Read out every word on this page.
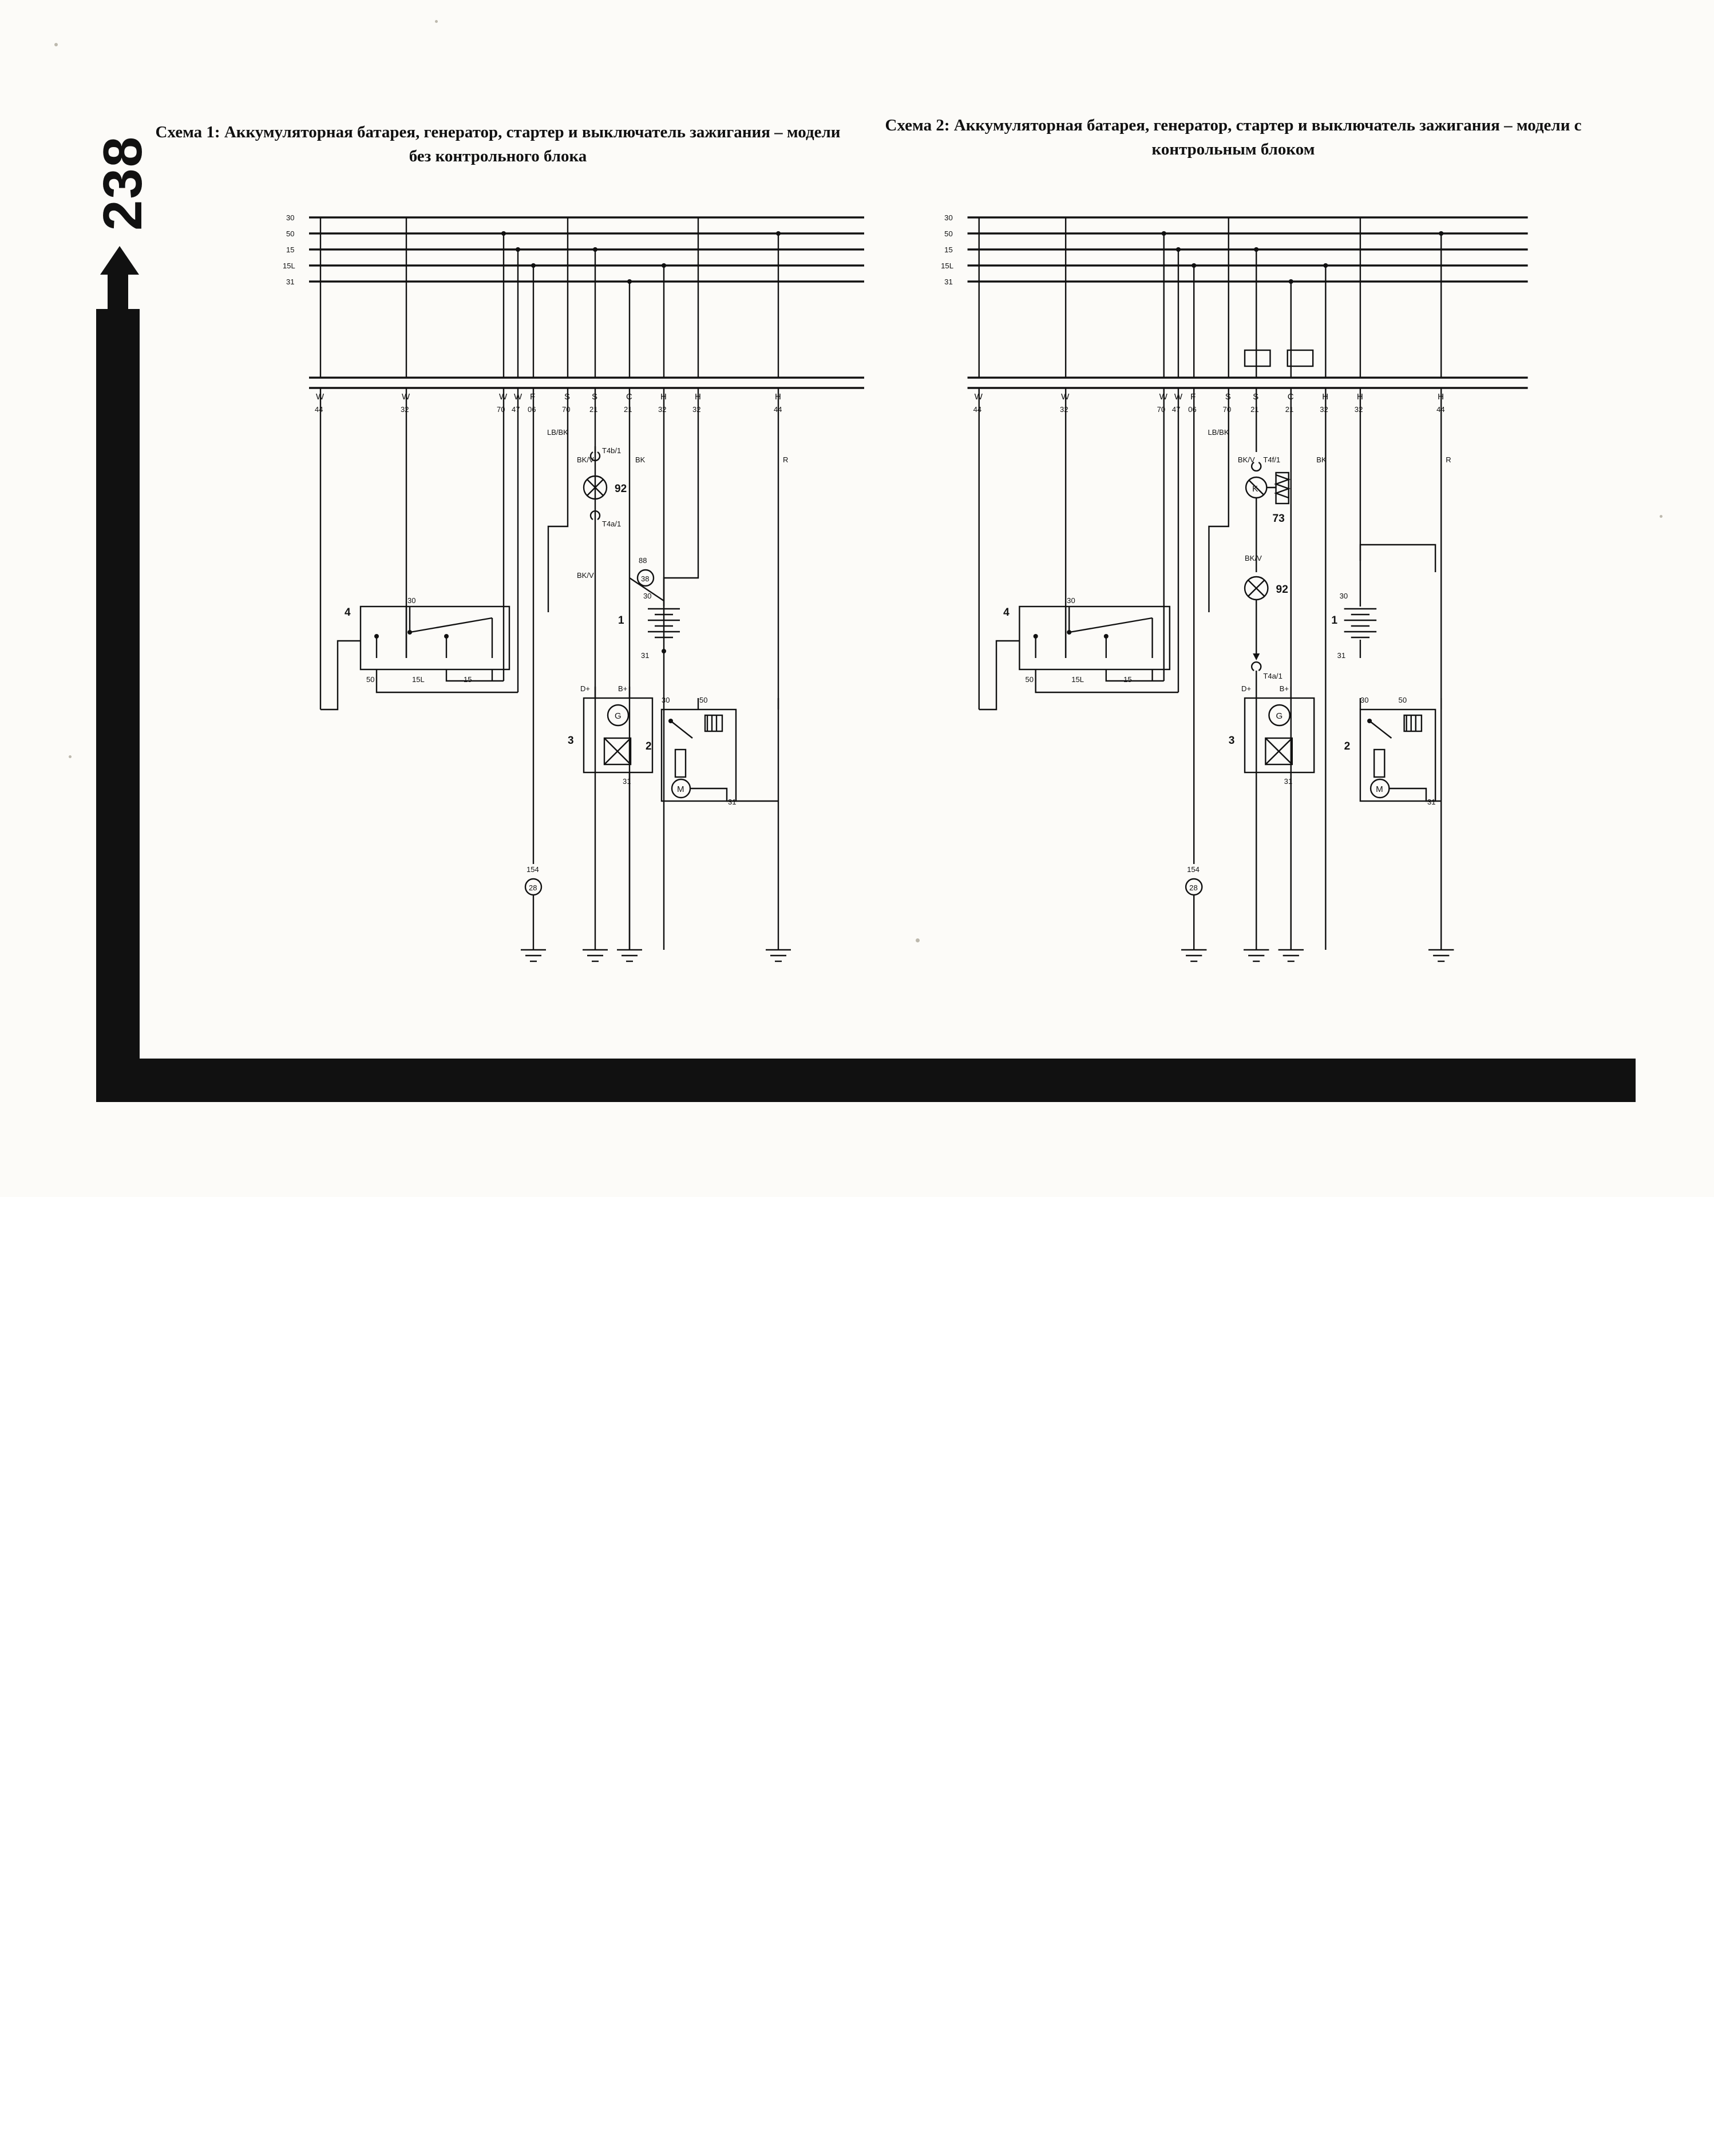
238
Электрические схемы
Схема 1: Аккумуляторная батарея, генератор, стартер и выключатель зажигания – модели без контрольного блока
Схема 2: Аккумуляторная батарея, генератор, стартер и выключатель зажигания – модели с контрольным блоком
30
50
15
15L
31
W	W	W W F	S	S	C	H	H	H
44	32	70 47 06	70	21	21	32	32	44
LB/BK
BK/V	BK
BK/V
R
T4b/1
92
T4a/1
38
88
1
30
31
4
30
50	15L	15
3
G
D+	B+
31
2
30	50
M
31
28
154
30
50
15
15L
31
W	W	W W F	S	S	C	H	H	H
44	32	70 47 06	70	21	21	32	32	44
LB/BK
BK/V	BK
BK/V
R
T4f/1
K
73
92
T4a/1
1
30
31
4
30
50	15L	15
3
G
D+	B+
31
2
30	50
M
31
28
154
